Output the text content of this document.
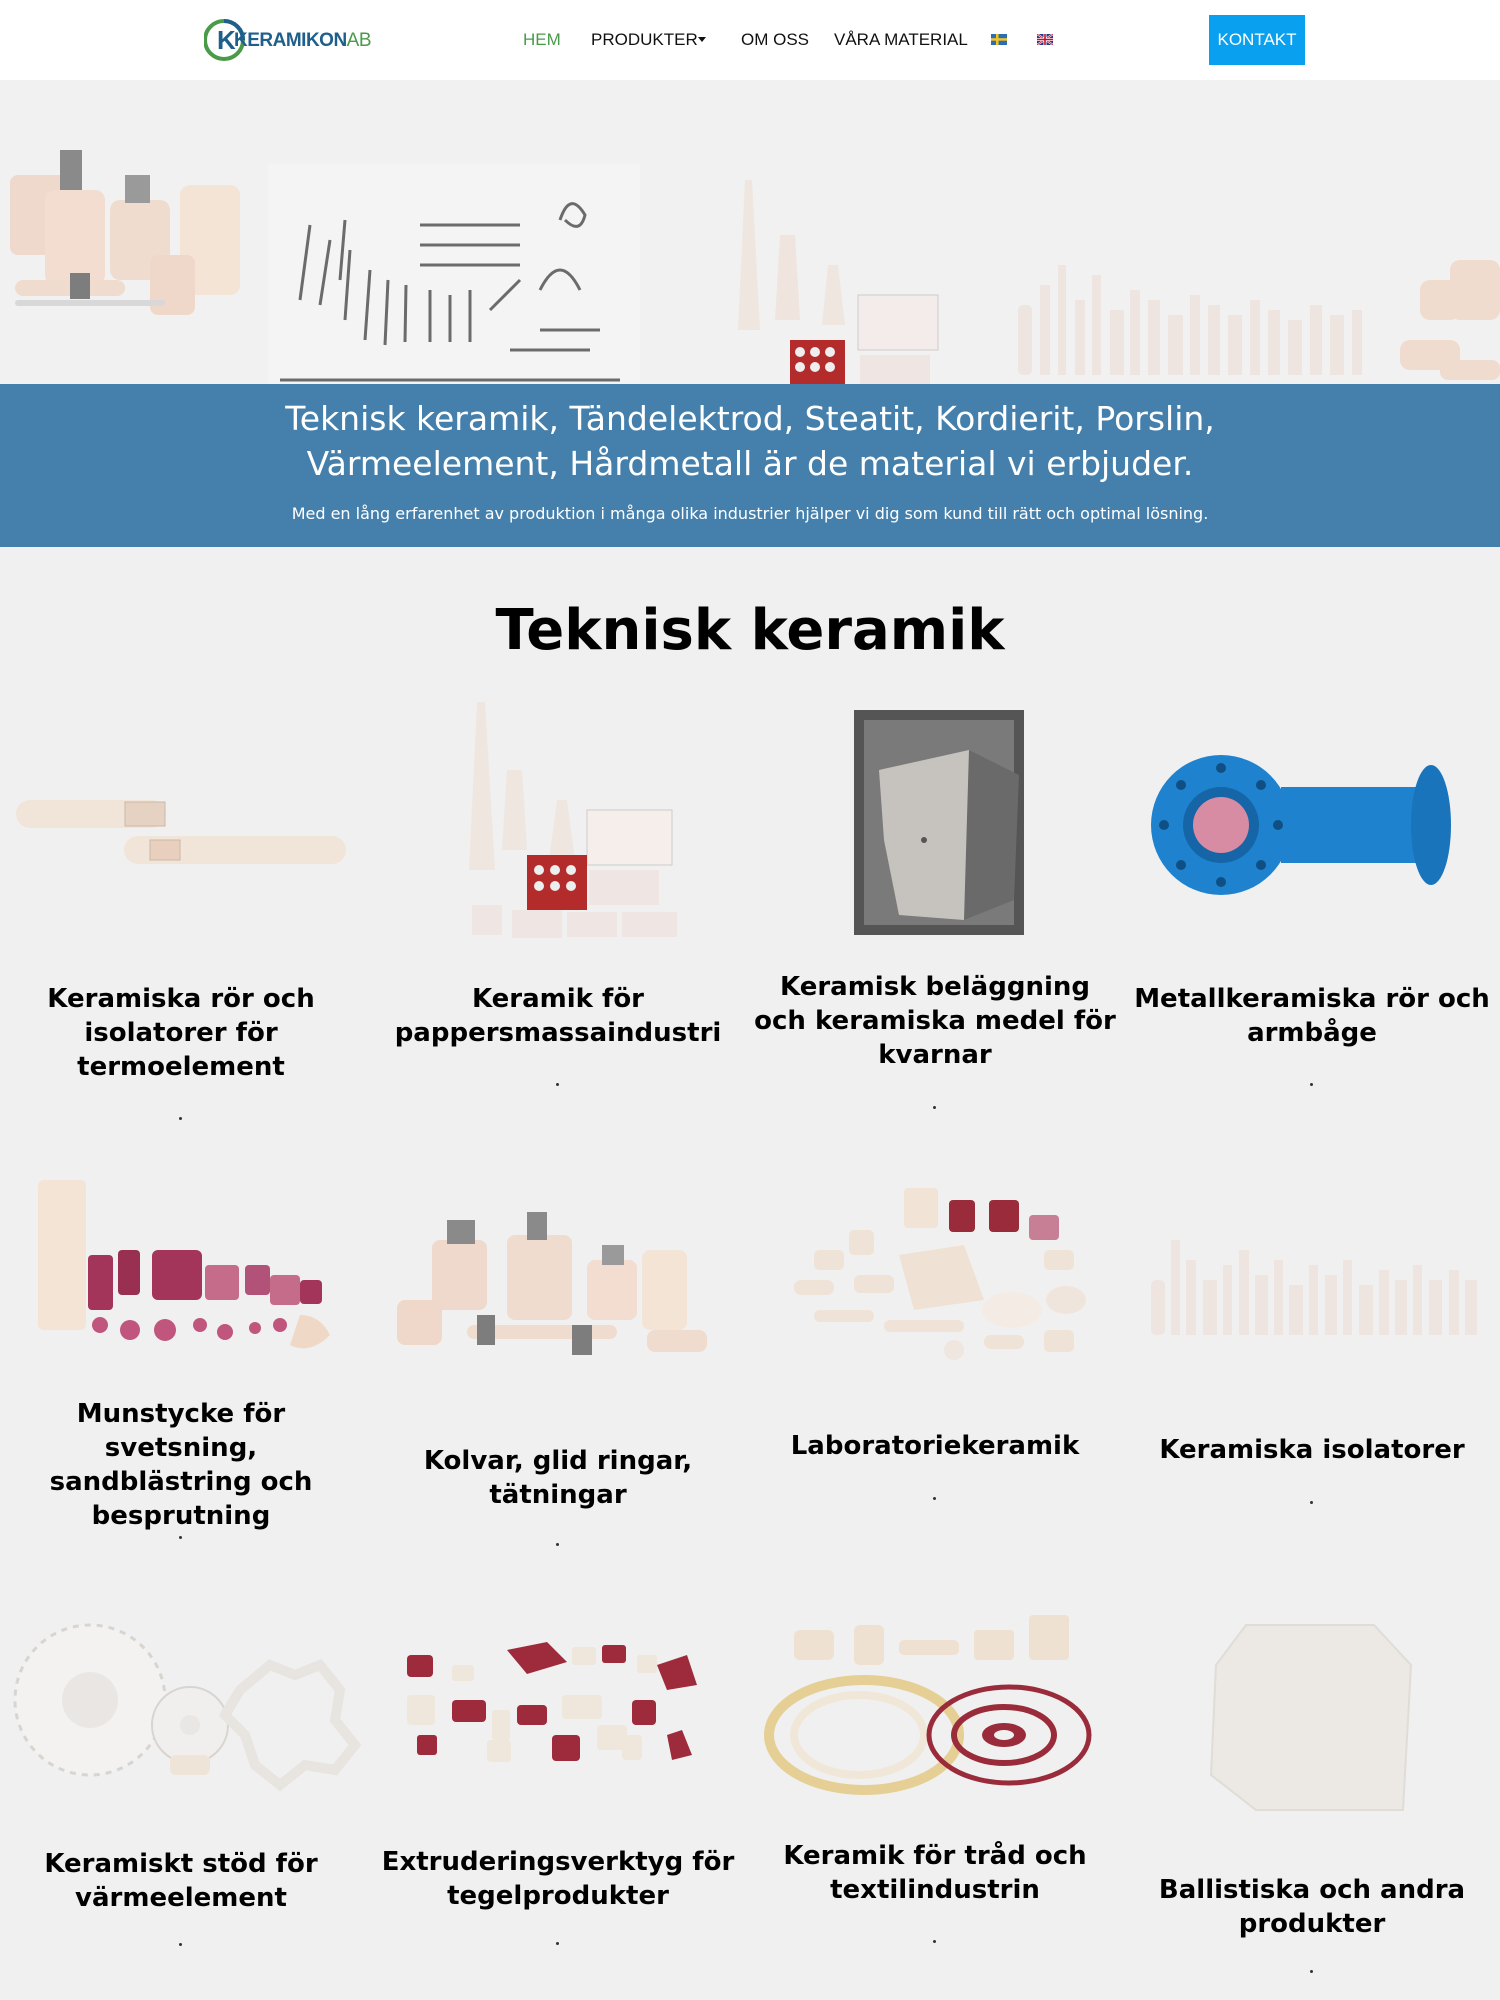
K
KERAMIKONAB	HEM PRODUKTER	OM OSS VÅRA MATERIAL	KONTAKT
Teknisk keramik, Tändelektrod, Steatit, Kordierit, Porslin,
Värmeelement, Hårdmetall är de material vi erbjuder.
Med en lång erfarenhet av produktion i många olika industrier hjälper vi dig som kund till rätt och optimal lösning.
Teknisk keramik
Keramiska rör och isolatorer för termoelement
Keramik för pappersmassaindustri
Keramisk beläggning och keramiska medel för kvarnar
Metallkeramiska rör och armbåge
Munstycke för svetsning, sandblästring och besprutning
Kolvar, glid ringar, tätningar
Laboratoriekeramik	Keramiska isolatorer
Keramiskt stöd för värmeelement
Extruderingsverktyg för tegelprodukter
Keramik för tråd och textilindustrin	Ballistiska och andra produkter
